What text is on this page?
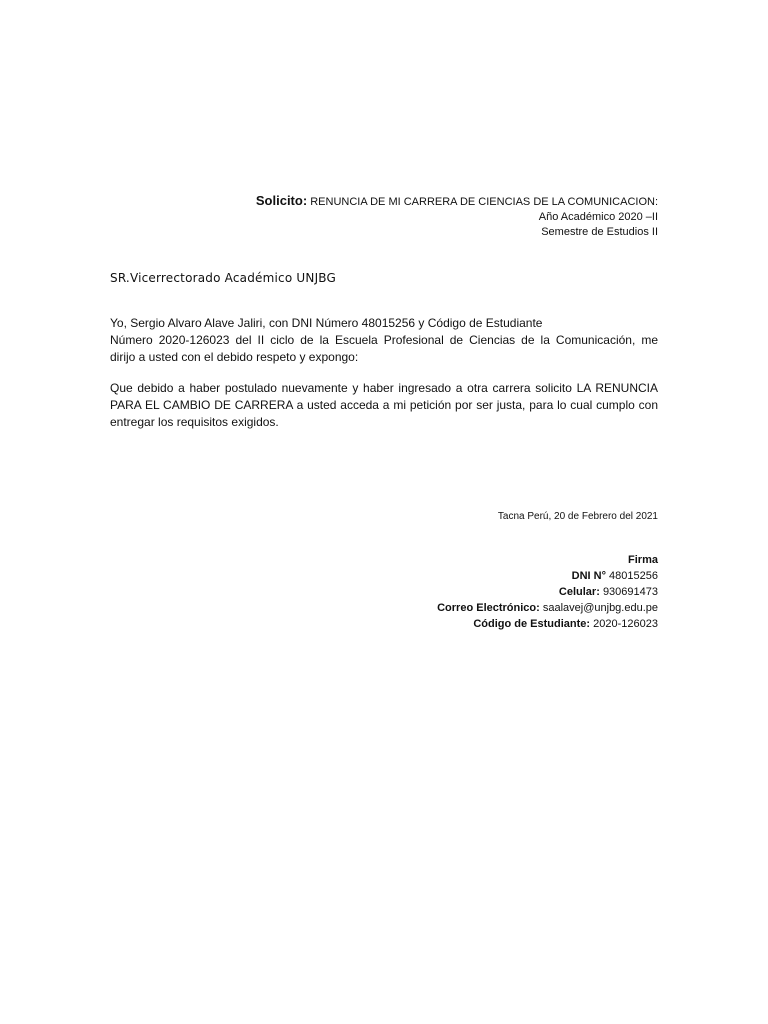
Solicito: RENUNCIA DE MI CARRERA DE CIENCIAS DE LA COMUNICACION:
Año Académico 2020 –II
Semestre de Estudios II
SR.Vicerrectorado Académico UNJBG
Yo, Sergio Alvaro Alave Jaliri, con DNI Número 48015256 y Código de Estudiante
Número 2020-126023 del II ciclo de la Escuela Profesional de Ciencias de la Comunicación, me
dirijo a usted con el debido respeto y expongo:
Que debido a haber postulado nuevamente y haber ingresado a otra carrera solicito LA RENUNCIA PARA EL CAMBIO DE CARRERA a usted acceda a mi petición por ser justa, para lo cual cumplo con entregar los requisitos exigidos.
Tacna Perú, 20 de Febrero del 2021
Firma
DNI N° 48015256
Celular: 930691473
Correo Electrónico: saalavej@unjbg.edu.pe
Código de Estudiante: 2020-126023
